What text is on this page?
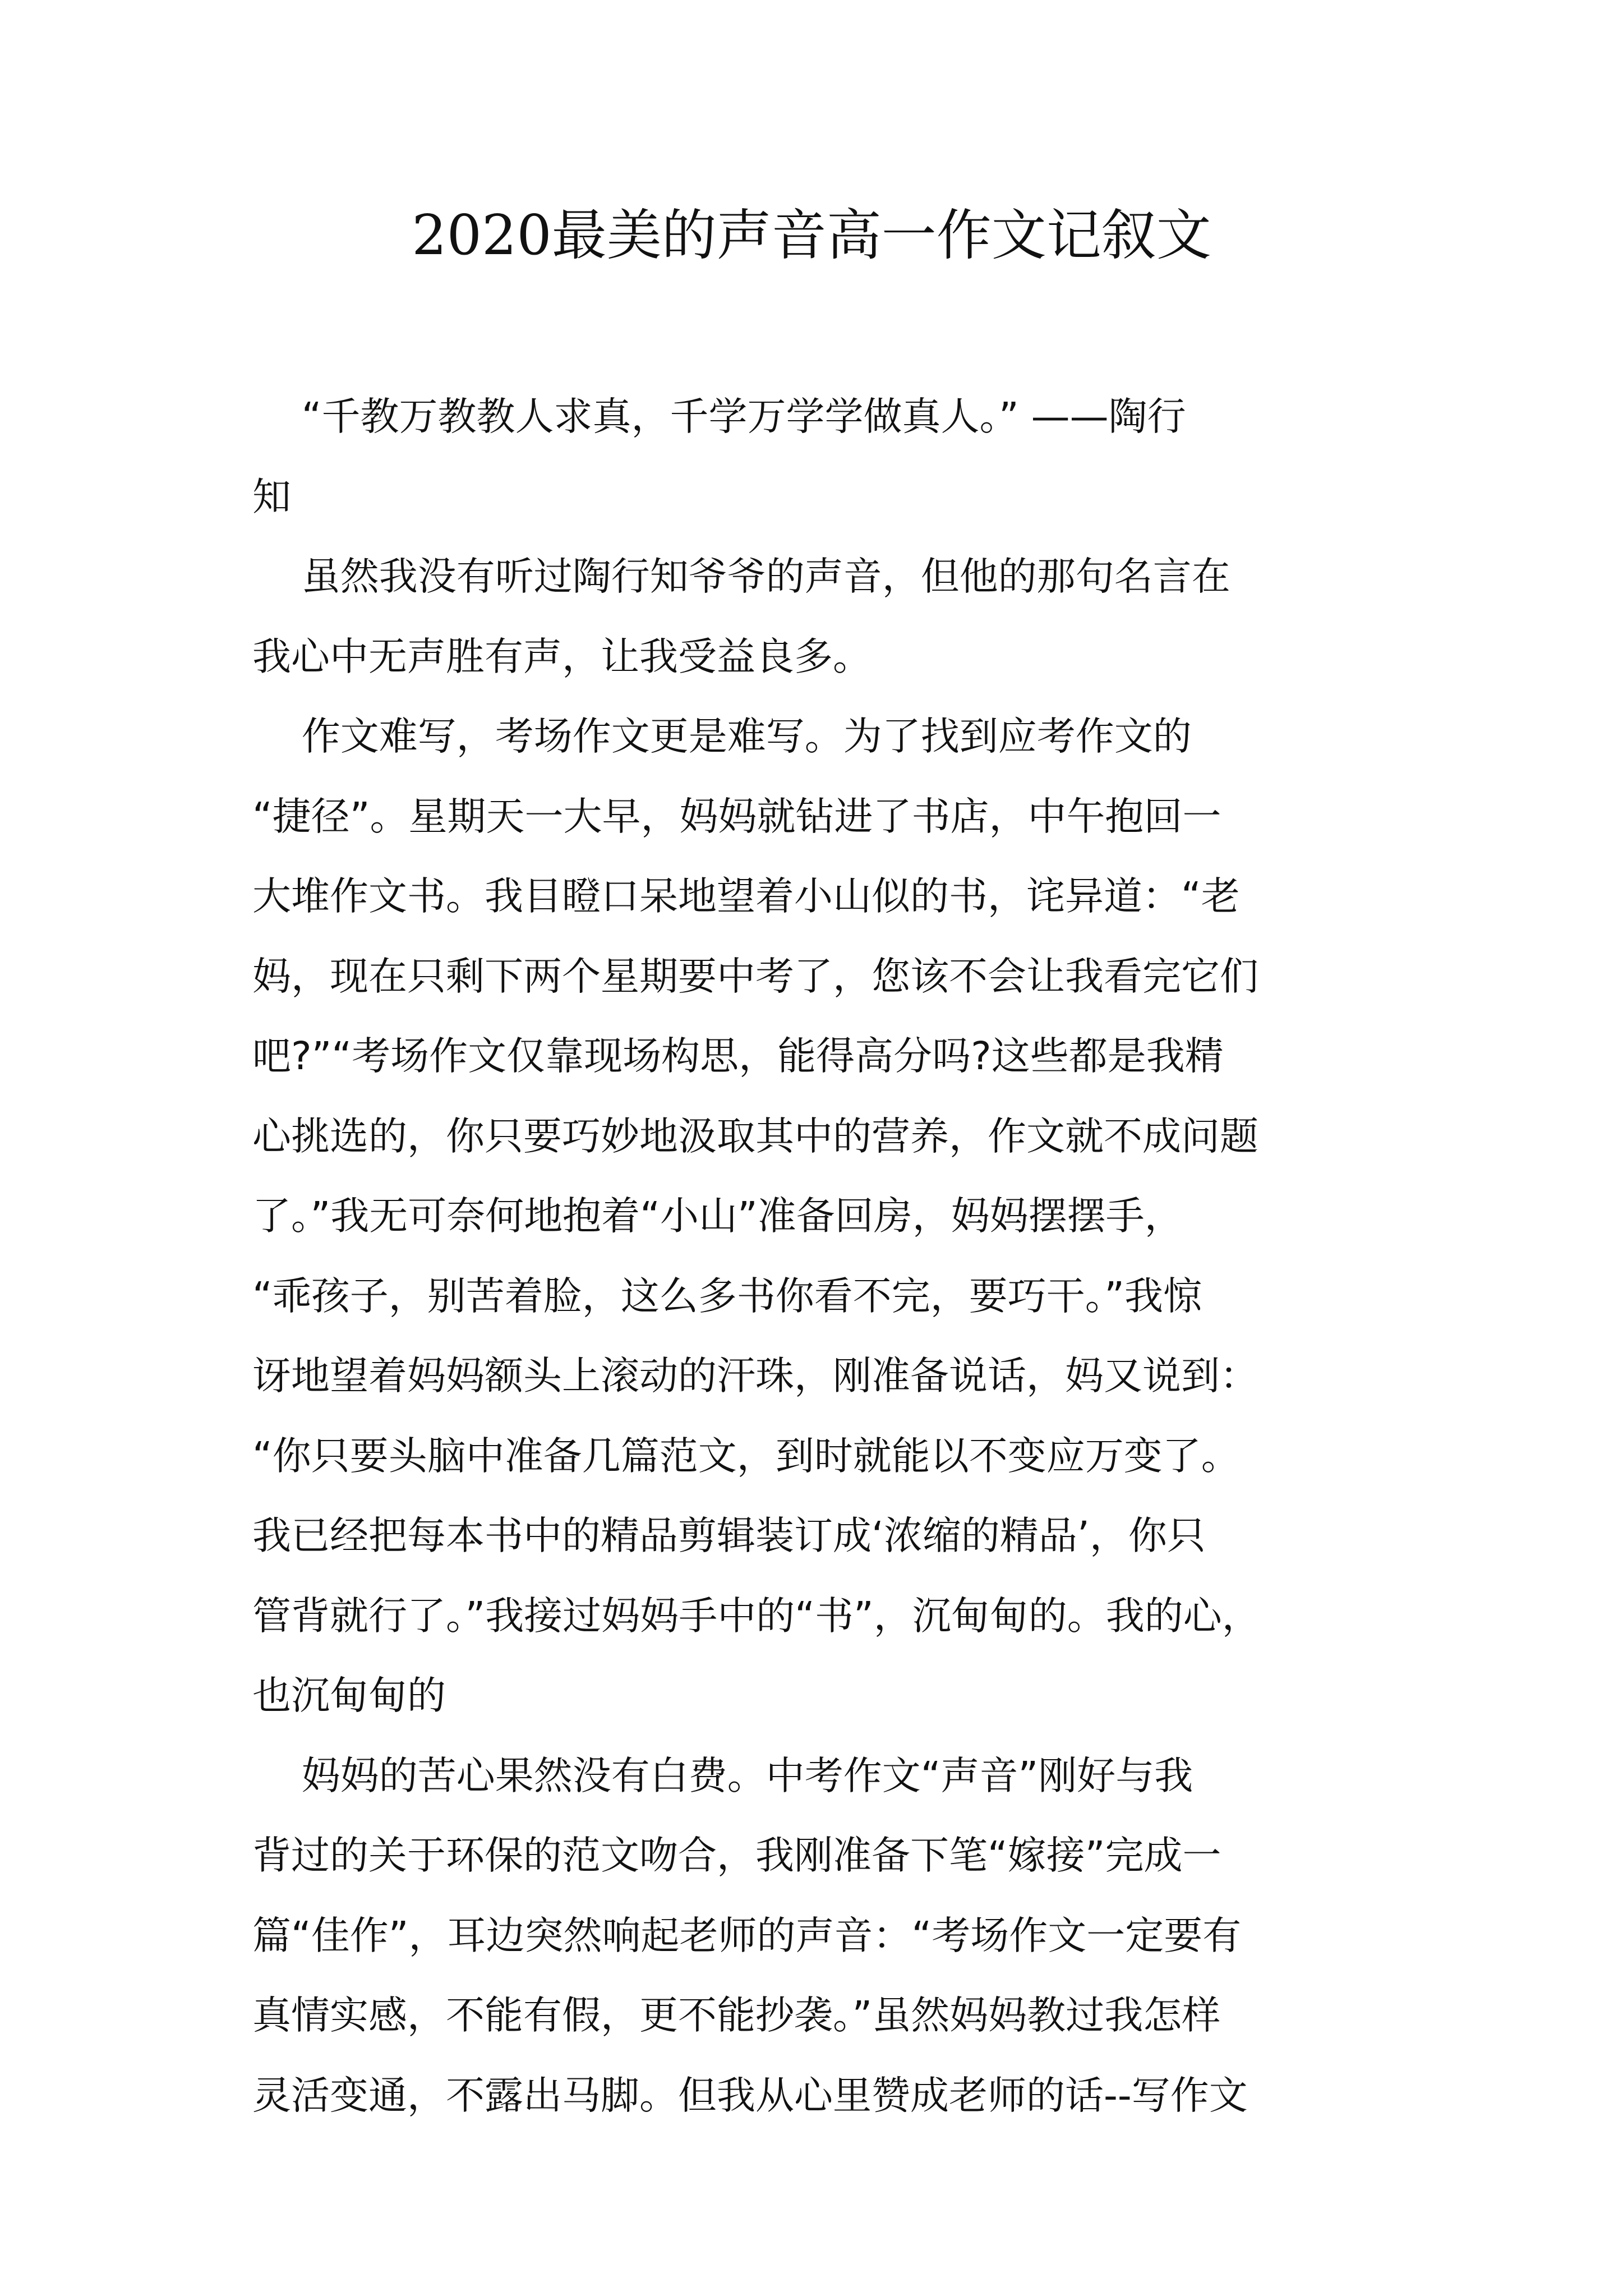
2020最美的声音高一作文记叙文
“千教万教教人求真，千学万学学做真人。” ——陶行
知
虽然我没有听过陶行知爷爷的声音，但他的那句名言在
我心中无声胜有声，让我受益良多。
作文难写，考场作文更是难写。为了找到应考作文的
“捷径”。星期天一大早，妈妈就钻进了书店，中午抱回一
大堆作文书。我目瞪口呆地望着小山似的书，诧异道：“老
妈，现在只剩下两个星期要中考了，您该不会让我看完它们
吧?”“考场作文仅靠现场构思，能得高分吗?这些都是我精
心挑选的，你只要巧妙地汲取其中的营养，作文就不成问题
了。”我无可奈何地抱着“小山”准备回房，妈妈摆摆手，
“乖孩子，别苦着脸，这么多书你看不完，要巧干。”我惊
讶地望着妈妈额头上滚动的汗珠，刚准备说话，妈又说到：
“你只要头脑中准备几篇范文，到时就能以不变应万变了。
我已经把每本书中的精品剪辑装订成‘浓缩的精品’，你只
管背就行了。”我接过妈妈手中的“书”，沉甸甸的。我的心，
也沉甸甸的
妈妈的苦心果然没有白费。中考作文“声音”刚好与我
背过的关于环保的范文吻合，我刚准备下笔“嫁接”完成一
篇“佳作”，耳边突然响起老师的声音：“考场作文一定要有
真情实感，不能有假，更不能抄袭。”虽然妈妈教过我怎样
灵活变通，不露出马脚。但我从心里赞成老师的话--写作文
